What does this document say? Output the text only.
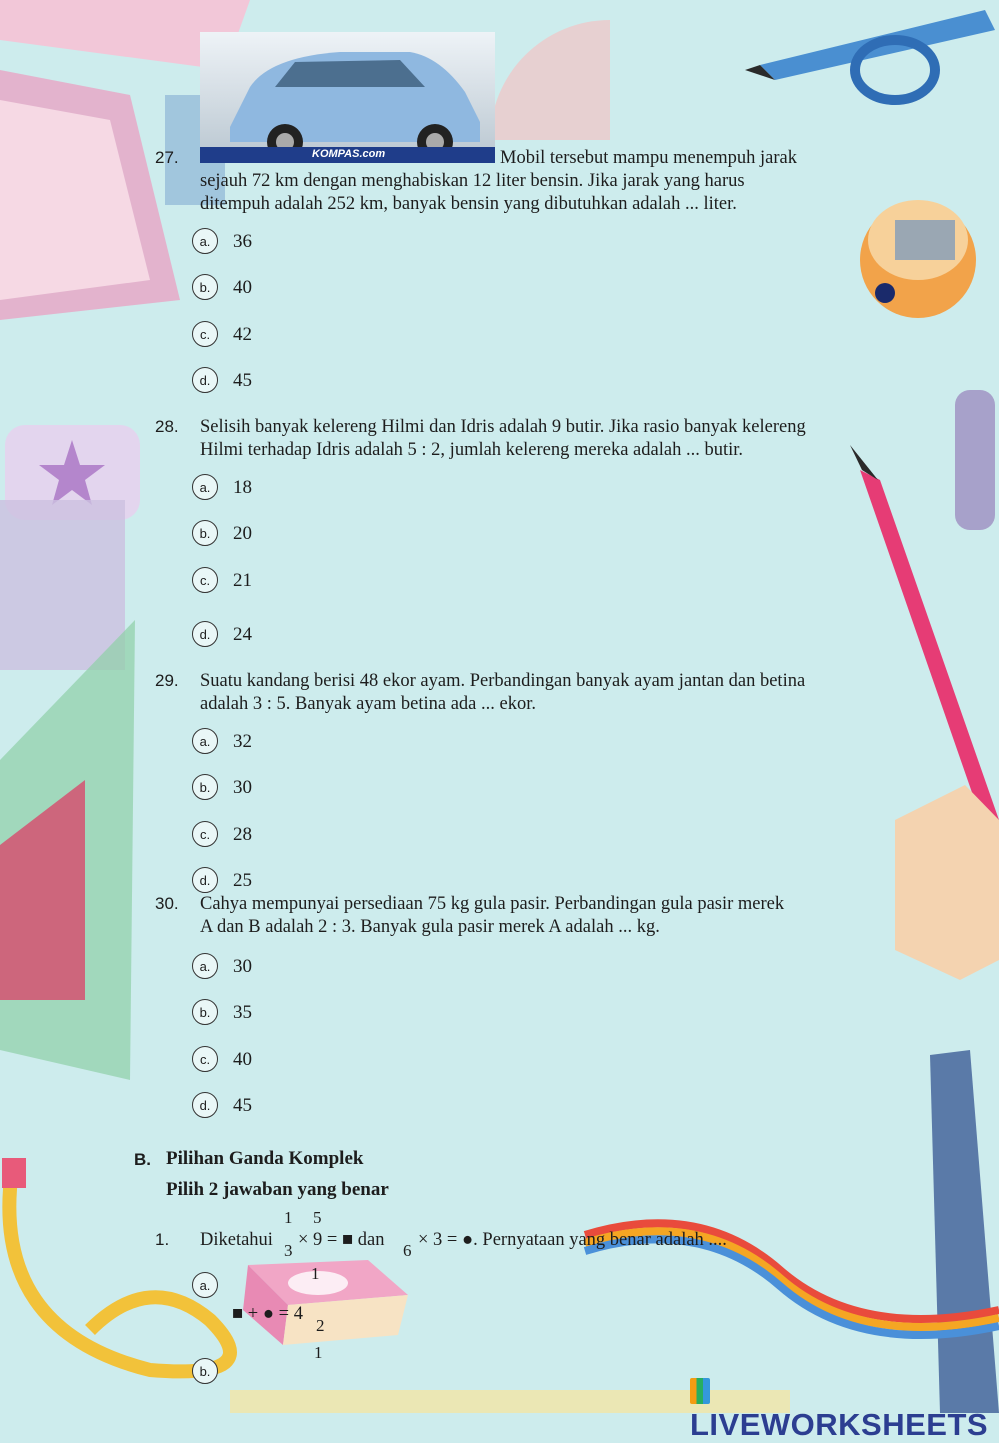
KOMPAS.com
27.	Mobil tersebut mampu menempuh jarak
sejauh 72 km dengan menghabiskan 12 liter bensin. Jika jarak yang harus
ditempuh adalah 252 km, banyak bensin yang dibutuhkan adalah ... liter.
a.	36
b.	40
c.	42
d.	45
28. Selisih banyak kelereng Hilmi dan Idris adalah 9 butir. Jika rasio banyak kelereng
Hilmi terhadap Idris adalah 5 : 2, jumlah kelereng mereka adalah ... butir.
a.	18
b.	20
c.	21
d.	24
29. Suatu kandang berisi 48 ekor ayam. Perbandingan banyak ayam jantan dan betina
adalah 3 : 5. Banyak ayam betina ada ... ekor.
a.	32
b.	30
c.	28
d.	25
30. Cahya mempunyai persediaan 75 kg gula pasir. Perbandingan gula pasir merek
A dan B adalah 2 : 3. Banyak gula pasir merek A adalah ... kg.
a.	30
b.	35
c.	40
d.	45
B. Pilihan Ganda Komplek
Pilih 2 jawaban yang benar
1. Diketahui
1
3
× 9 = ■ dan
5
6
× 3 = ●. Pernyataan yang benar adalah ....
a.
1
■ + ● = 4
2
1
b.
LIVEWORKSHEETS
